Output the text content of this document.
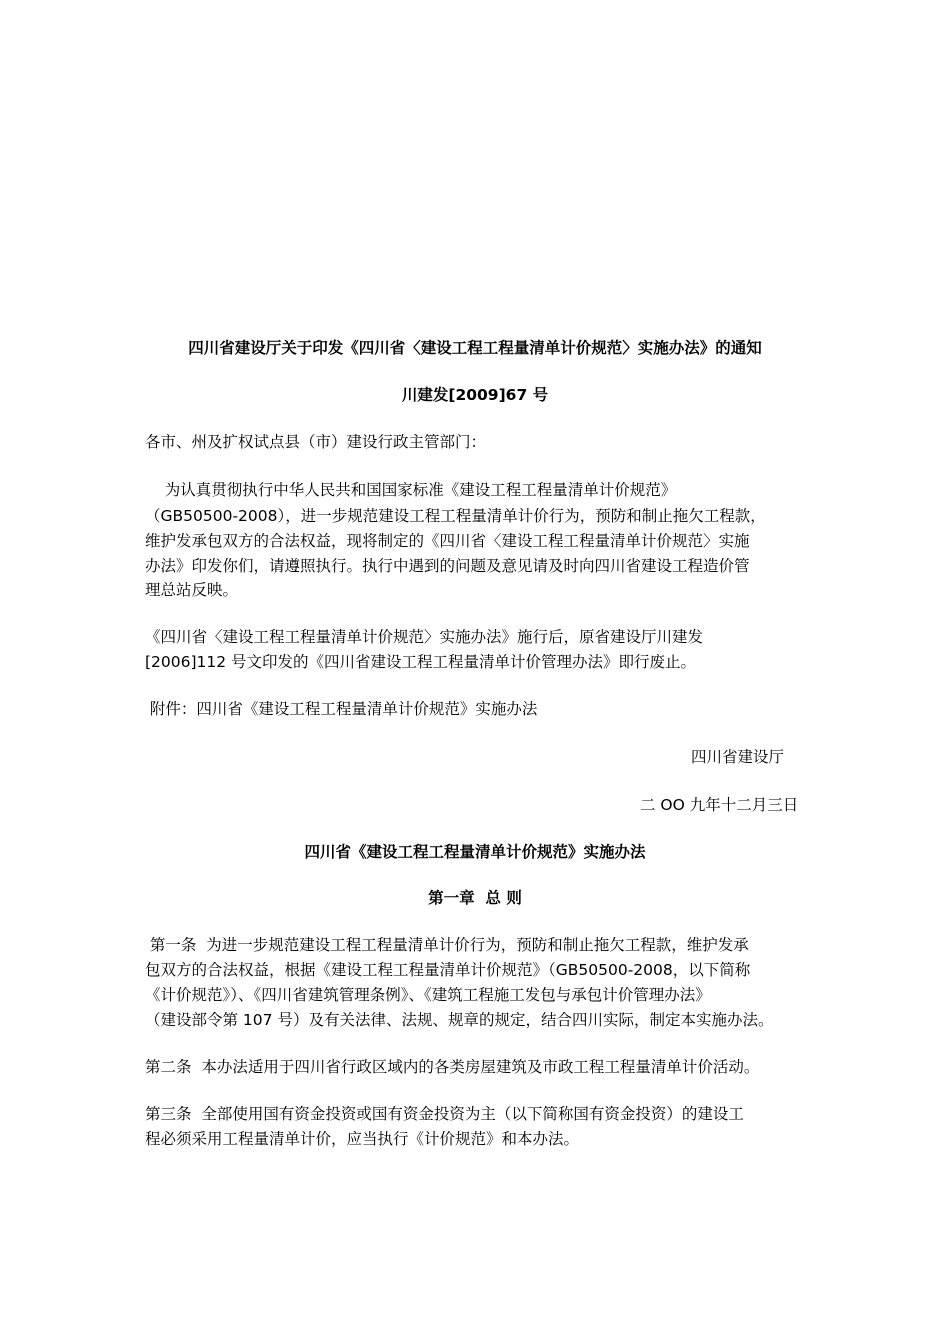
四川省建设厅关于印发《四川省〈建设工程工程量清单计价规范〉实施办法》的通知
川建发[2009]67 号
各市、州及扩权试点县（市）建设行政主管部门：
为认真贯彻执行中华人民共和国国家标准《建设工程工程量清单计价规范》
（GB50500-2008），进一步规范建设工程工程量清单计价行为，预防和制止拖欠工程款，
维护发承包双方的合法权益，现将制定的《四川省〈建设工程工程量清单计价规范〉实施
办法》印发你们，请遵照执行。执行中遇到的问题及意见请及时向四川省建设工程造价管
理总站反映。
《四川省〈建设工程工程量清单计价规范〉实施办法》施行后，原省建设厅川建发
[2006]112 号文印发的《四川省建设工程工程量清单计价管理办法》即行废止。
附件：四川省《建设工程工程量清单计价规范》实施办法
四川省建设厅
二 OO 九年十二月三日
四川省《建设工程工程量清单计价规范》实施办法
第一章  总 则
第一条  为进一步规范建设工程工程量清单计价行为，预防和制止拖欠工程款，维护发承
包双方的合法权益，根据《建设工程工程量清单计价规范》（GB50500-2008，以下简称
《计价规范》）、《四川省建筑管理条例》、《建筑工程施工发包与承包计价管理办法》
（建设部令第 107 号）及有关法律、法规、规章的规定，结合四川实际，制定本实施办法。
第二条  本办法适用于四川省行政区域内的各类房屋建筑及市政工程工程量清单计价活动。
第三条  全部使用国有资金投资或国有资金投资为主（以下简称国有资金投资）的建设工
程必须采用工程量清单计价，应当执行《计价规范》和本办法。
